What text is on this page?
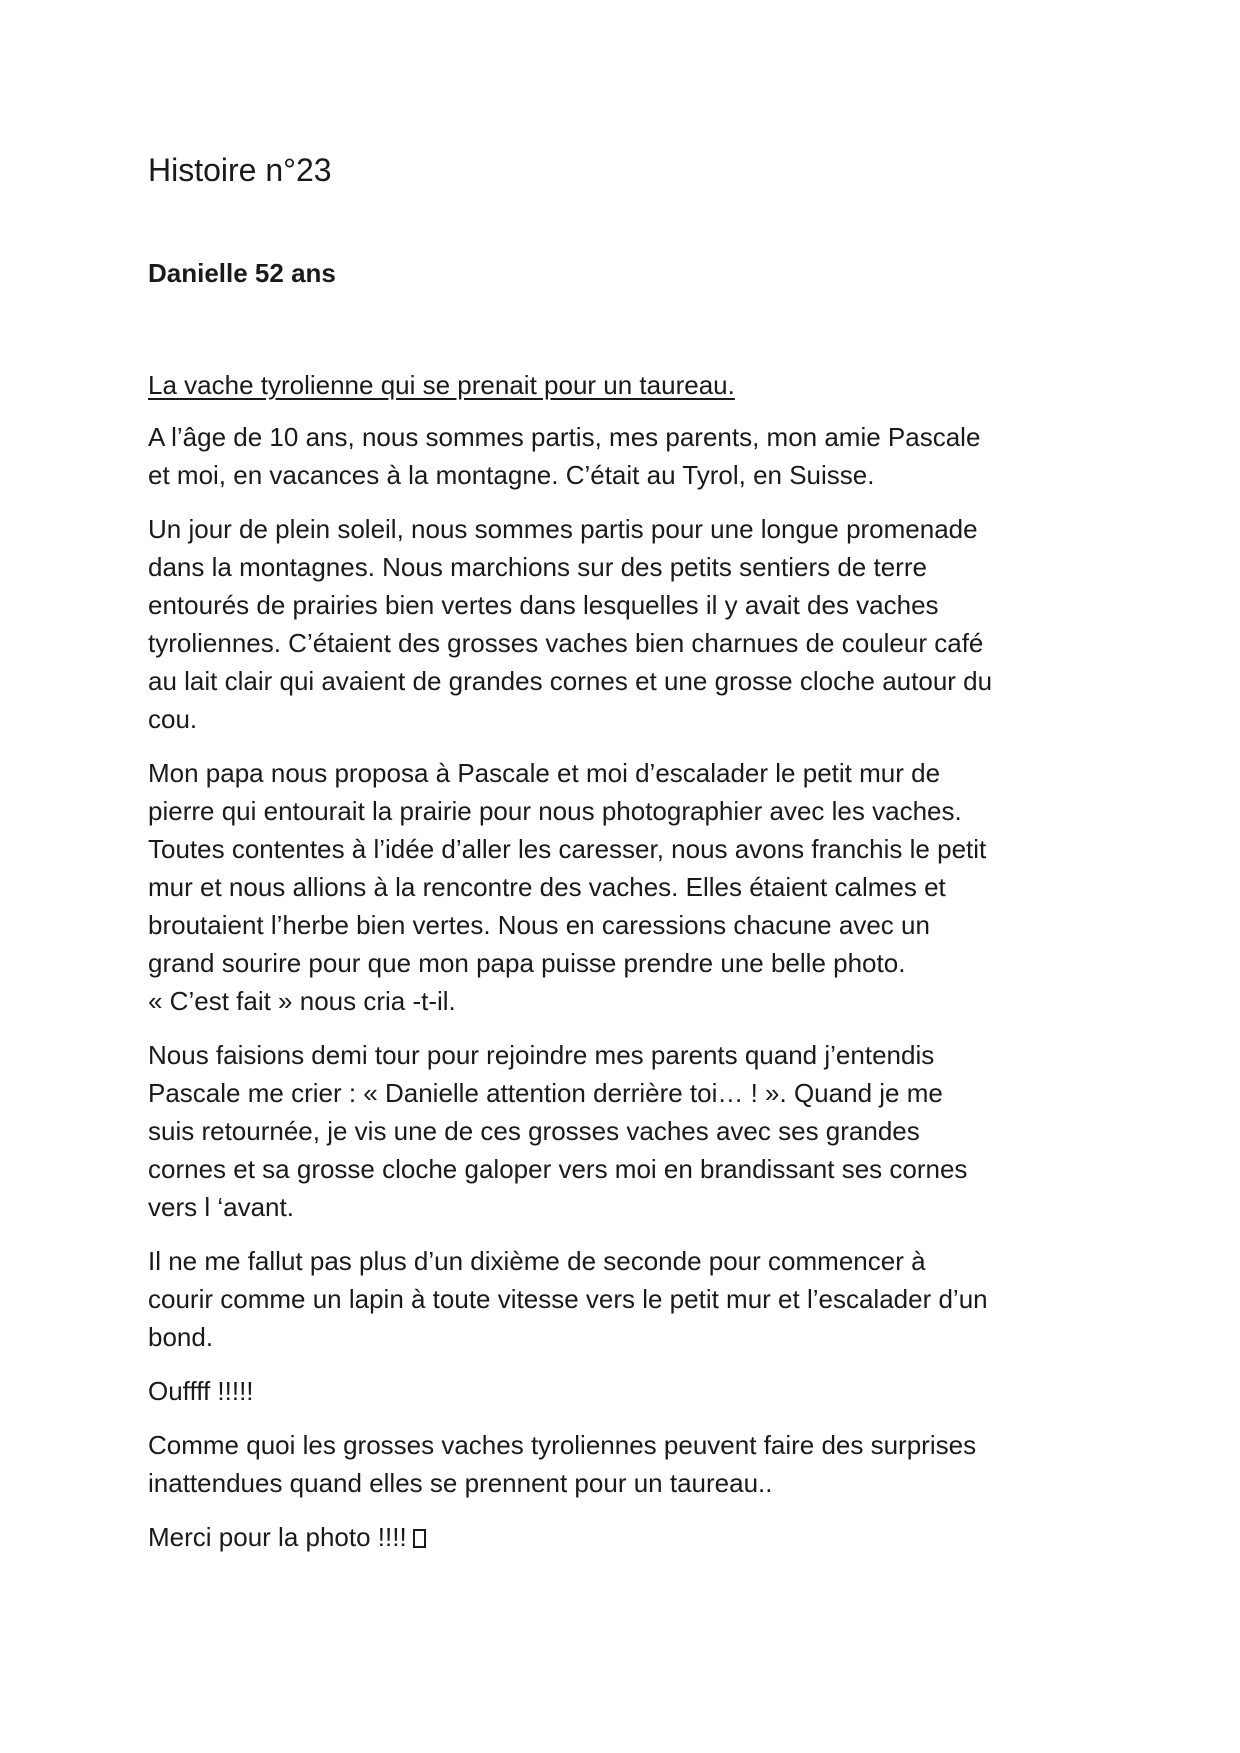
Histoire n°23
Danielle 52 ans

La vache tyrolienne qui se prenait pour un taureau.

A l’âge de 10 ans, nous sommes partis, mes parents, mon amie Pascale
et moi, en vacances à la montagne. C’était au Tyrol, en Suisse.

Un jour de plein soleil, nous sommes partis pour une longue promenade
dans la montagnes. Nous marchions sur des petits sentiers de terre
entourés de prairies bien vertes dans lesquelles il y avait des vaches
tyroliennes. C’étaient des grosses vaches bien charnues de couleur café
au lait clair qui avaient de grandes cornes et une grosse cloche autour du
cou.

Mon papa nous proposa à Pascale et moi d’escalader le petit mur de
pierre qui entourait la prairie pour nous photographier avec les vaches.
Toutes contentes à l’idée d’aller les caresser, nous avons franchis le petit
mur et nous allions à la rencontre des vaches. Elles étaient calmes et
broutaient l’herbe bien vertes. Nous en caressions chacune avec un
grand sourire pour que mon papa puisse prendre une belle photo.
« C’est fait » nous cria -t-il.

Nous faisions demi tour pour rejoindre mes parents quand j’entendis
Pascale me crier : « Danielle attention derrière toi… ! ». Quand je me
suis retournée, je vis une de ces grosses vaches avec ses grandes
cornes et sa grosse cloche galoper vers moi en brandissant ses cornes
vers l ‘avant.

Il ne me fallut pas plus d’un dixième de seconde pour commencer à
courir comme un lapin à toute vitesse vers le petit mur et l’escalader d’un
bond.

Ouffff !!!!!

Comme quoi les grosses vaches tyroliennes peuvent faire des surprises
inattendues quand elles se prennent pour un taureau..

Merci pour la photo !!!!
